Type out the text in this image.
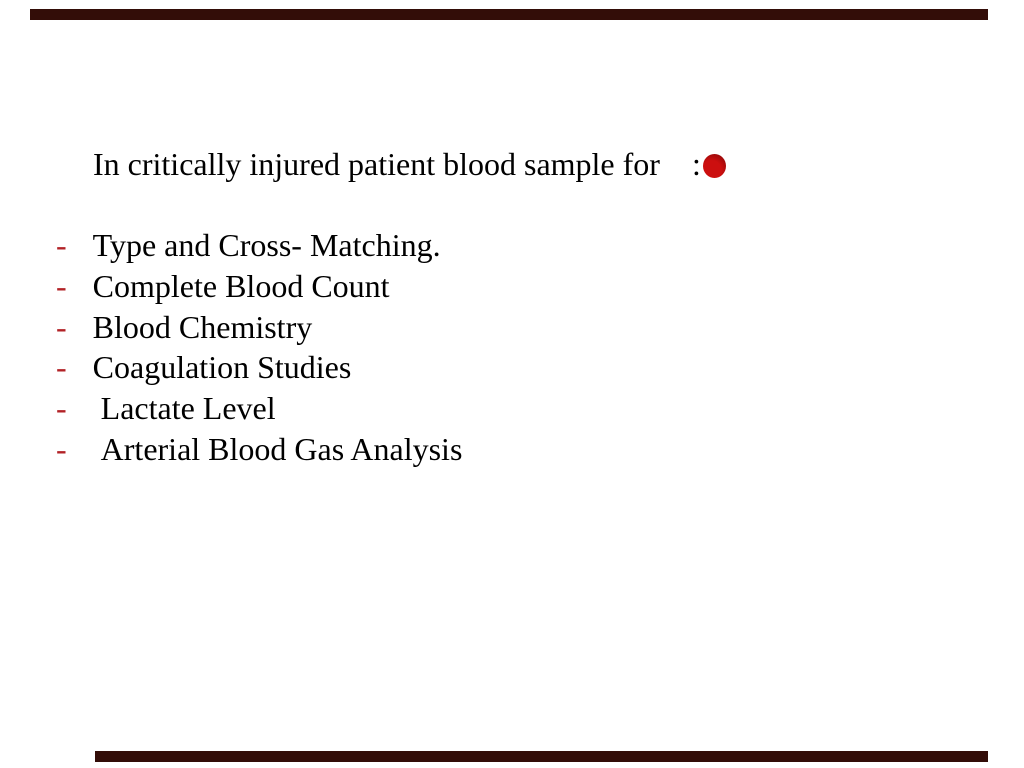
In critically injured patient blood sample for    :

- Type and Cross- Matching.
- Complete Blood Count
- Blood Chemistry
- Coagulation Studies
- Lactate Level
- Arterial Blood Gas Analysis
